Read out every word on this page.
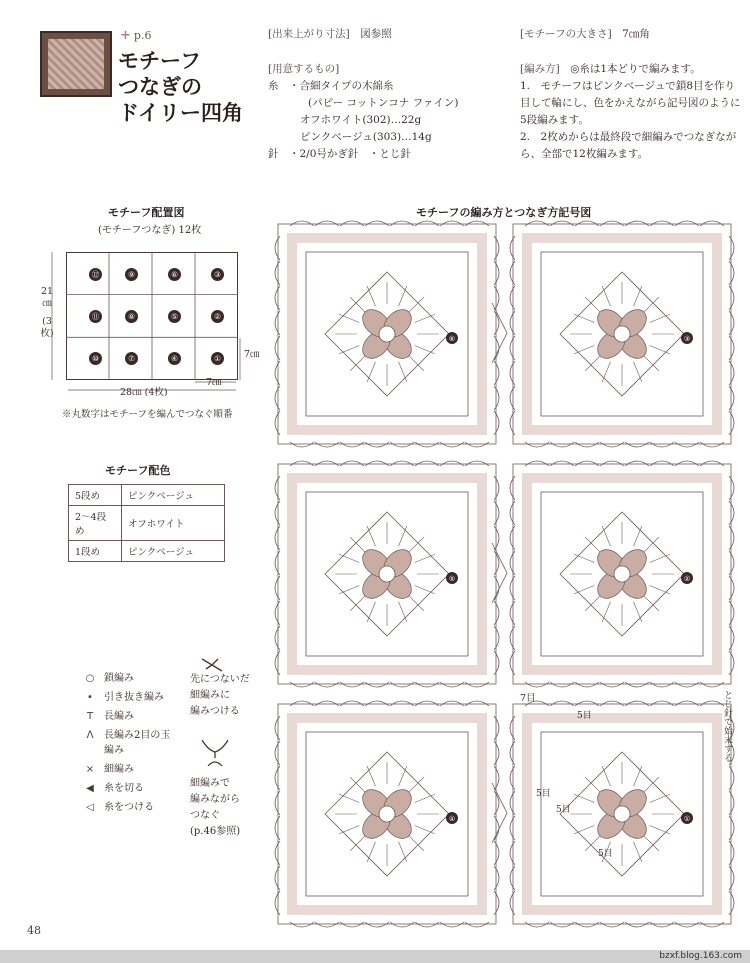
+ p.6
モチーフ
つなぎの
ドイリー四角
[出来上がり寸法]　 図参照
[用意するもの]
糸　 ・合細タイプの木綿糸
(パピー コットンコナ ファイン)
オフホワイト(302)…22g
ピンクベージュ(303)…14g
針　 ・2/0号かぎ針　・とじ針
[モチーフの大きさ]　 7㎝角
[編み方]　 ◎糸は1本どりで編みます。
1.　モチーフはピンクベージュで鎖8目を作り
目して輪にし、色をかえながら記号図のように
5段編みます。
2.　2枚めからは最終段で細編みでつなぎなが
ら、全部で12枚編みます。
モチーフ配置図
(モチーフつなぎ) 12枚
⑫	⑨	⑥	③
⑪	⑧	⑤	②
⑩	⑦	④	①
21㎝
(3枚)
28㎝ (4枚)
7㎝
7㎝
※丸数字はモチーフを編んでつなぐ順番
モチーフ配色
5段め	ピンクベージュ
2〜4段め	オフホワイト
1段め	ピンクベージュ
○ 鎖編み
•	引き抜き編み
T	長編み
ⴷ	長編み2目の玉編み
× 細編み
◀	糸を切る
◁	糸をつける
先につないだ
細編みに
編みつける
細編みで
編みながら
つなぐ
(p.46参照)
モチーフの編み方とつなぎ方記号図
⑥	③
⑤	②
④	①
7目
5目
5目
5目
5目
とじ針で始末する
48
bzxf.blog.163.com
